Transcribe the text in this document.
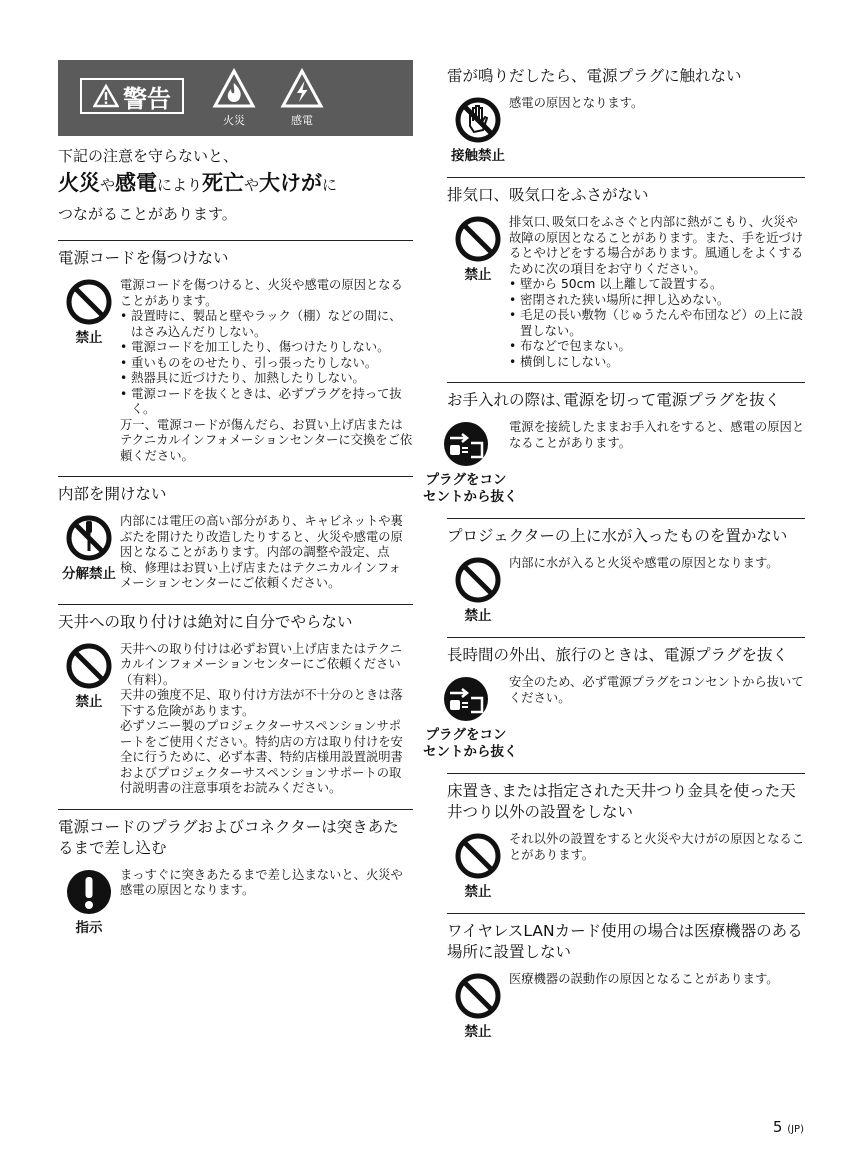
警告
火災	感電

下記の注意を守らないと、

火災や感電により死亡や大けがに

つながることがあります。

電源コードを傷つけない
禁止

電源コードを傷つけると、火災や感電の原因となることがあります。

• 設置時に、製品と壁やラック（棚）などの間に、はさみ込んだりしない。
• 電源コードを加工したり、傷つけたりしない。
• 重いものをのせたり、引っ張ったりしない。
• 熱器具に近づけたり、加熱したりしない。
• 電源コードを抜くときは、必ずプラグを持って抜く。

万一、電源コードが傷んだら、お買い上げ店またはテクニカルインフォメーションセンターに交換をご依頼ください。

内部を開けない
分解禁止

内部には電圧の高い部分があり、キャビネットや裏ぶたを開けたり改造したりすると、火災や感電の原因となることがあります。内部の調整や設定、点検、修理はお買い上げ店またはテクニカルインフォメーションセンターにご依頼ください。

天井への取り付けは絶対に自分でやらない
禁止

天井への取り付けは必ずお買い上げ店またはテクニカルインフォメーションセンターにご依頼ください（有料）。

天井の強度不足、取り付け方法が不十分のときは落下する危険があります。

必ずソニー製のプロジェクターサスペンションサポートをご使用ください。特約店の方は取り付けを安全に行うために、必ず本書、特約店様用設置説明書およびプロジェクターサスペンションサポートの取付説明書の注意事項をお読みください。

電源コードのプラグおよびコネクターは突きあたるまで差し込む
指示

まっすぐに突きあたるまで差し込まないと、火災や感電の原因となります。

雷が鳴りだしたら、電源プラグに触れない
接触禁止

感電の原因となります。

排気口、吸気口をふさがない
禁止

排気口､吸気口をふさぐと内部に熱がこもり、火災や故障の原因となることがあります。また、手を近づけるとやけどをする場合があります。風通しをよくするために次の項目をお守りください。

• 壁から 50cm 以上離して設置する。
• 密閉された狭い場所に押し込めない。
• 毛足の長い敷物（じゅうたんや布団など）の上に設置しない。
• 布などで包まない。
• 横倒しにしない。
お手入れの際は､電源を切って電源プラグを抜く
プラグをコン
セントから抜く

電源を接続したままお手入れをすると、感電の原因となることがあります。

プロジェクターの上に水が入ったものを置かない
禁止

内部に水が入ると火災や感電の原因となります。

長時間の外出、旅行のときは、電源プラグを抜く
プラグをコン
セントから抜く

安全のため、必ず電源プラグをコンセントから抜いてください。

床置き､または指定された天井つり金具を使った天井つり以外の設置をしない
禁止

それ以外の設置をすると火災や大けがの原因となることがあります。

ワイヤレスLANカード使用の場合は医療機器のある場所に設置しない
禁止

医療機器の誤動作の原因となることがあります。

5 (JP)
